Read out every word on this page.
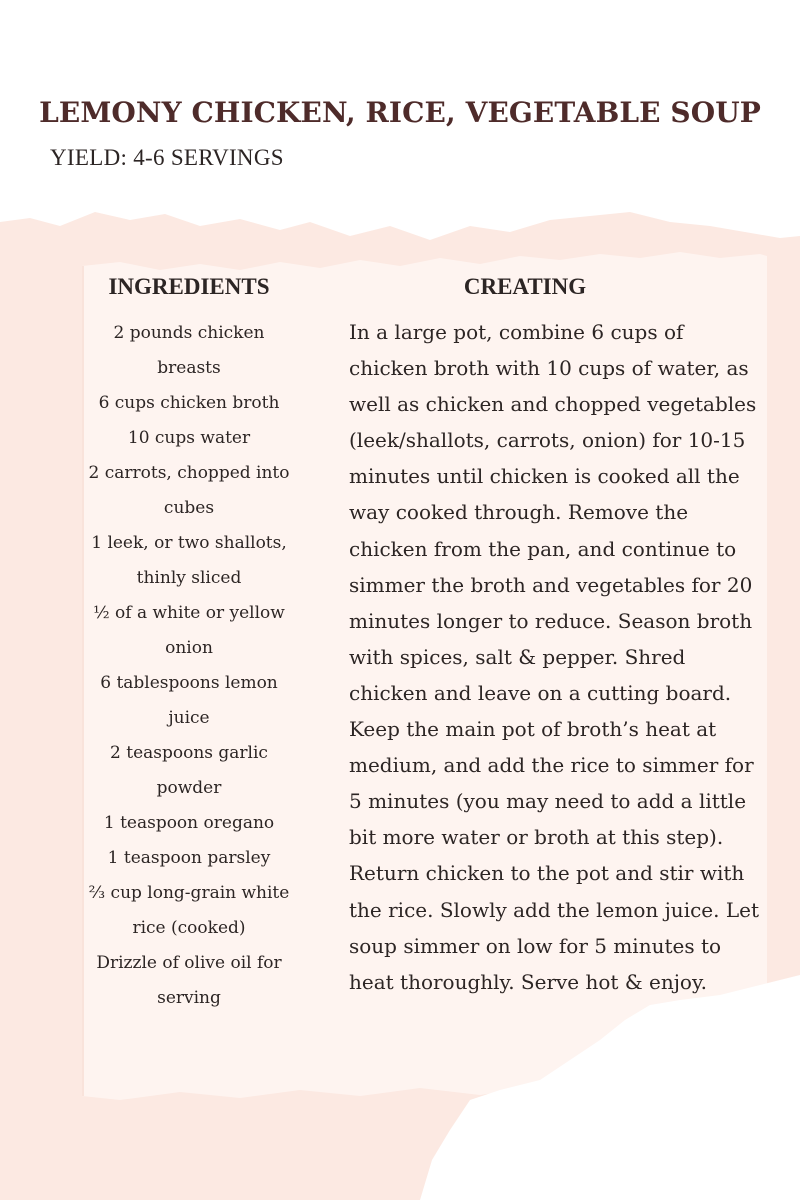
LEMONY CHICKEN, RICE, VEGETABLE SOUP

YIELD: 4-6 SERVINGS

INGREDIENTS
2 pounds chicken breasts
6 cups chicken broth
10 cups water
2 carrots, chopped into cubes
1 leek, or two shallots, thinly sliced
½ of a white or yellow onion
6 tablespoons lemon juice
2 teaspoons garlic powder
1 teaspoon oregano
1 teaspoon parsley
⅔ cup long-grain white rice (cooked)
Drizzle of olive oil for serving
CREATING

In a large pot, combine 6 cups of chicken broth with 10 cups of water, as well as chicken and chopped vegetables (leek/shallots, carrots, onion) for 10-15 minutes until chicken is cooked all the way cooked through. Remove the chicken from the pan, and continue to simmer the broth and vegetables for 20 minutes longer to reduce. Season broth with spices, salt & pepper. Shred chicken and leave on a cutting board. Keep the main pot of broth’s heat at medium, and add the rice to simmer for 5 minutes (you may need to add a little bit more water or broth at this step). Return chicken to the pot and stir with the rice. Slowly add the lemon juice. Let soup simmer on low for 5 minutes to heat thoroughly. Serve hot & enjoy.
